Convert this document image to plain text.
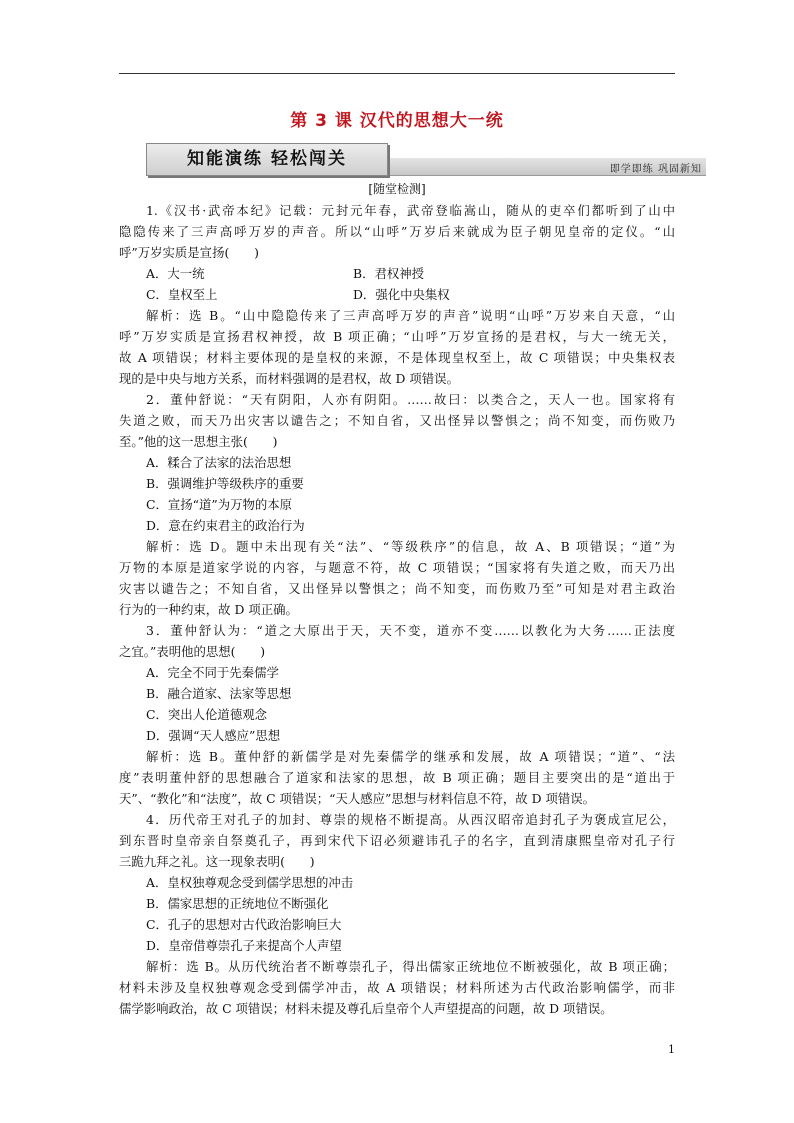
第 3 课 汉代的思想大一统
知能演练 轻松闯关
即学即练 巩固新知
[随堂检测]
1.《汉书·武帝本纪》记载：元封元年春，武帝登临嵩山，随从的吏卒们都听到了山中
隐隐传来了三声高呼万岁的声音。所以“山呼”万岁后来就成为臣子朝见皇帝的定仪。“山
呼”万岁实质是宣扬(　　)
A．大一统	B．君权神授
C．皇权至上	D．强化中央集权
解析：选 B。“山中隐隐传来了三声高呼万岁的声音”说明“山呼”万岁来自天意，“山
呼”万岁实质是宣扬君权神授，故 B 项正确；“山呼”万岁宣扬的是君权，与大一统无关，
故 A 项错误；材料主要体现的是皇权的来源，不是体现皇权至上，故 C 项错误；中央集权表
现的是中央与地方关系，而材料强调的是君权，故 D 项错误。
2．董仲舒说：“天有阴阳，人亦有阴阳。……故曰：以类合之，天人一也。国家将有
失道之败，而天乃出灾害以谴告之；不知自省，又出怪异以警惧之；尚不知变，而伤败乃
至。”他的这一思想主张(　　)
A．糅合了法家的法治思想
B．强调维护等级秩序的重要
C．宣扬“道”为万物的本原
D．意在约束君主的政治行为
解析：选 D。题中未出现有关“法”、“等级秩序”的信息，故 A、B 项错误；“道”为
万物的本原是道家学说的内容，与题意不符，故 C 项错误；“国家将有失道之败，而天乃出
灾害以谴告之；不知自省，又出怪异以警惧之；尚不知变，而伤败乃至”可知是对君主政治
行为的一种约束，故 D 项正确。
3．董仲舒认为：“道之大原出于天，天不变，道亦不变……以教化为大务……正法度
之宜。”表明他的思想(　　)
A．完全不同于先秦儒学
B．融合道家、法家等思想
C．突出人伦道德观念
D．强调“天人感应”思想
解析：选 B。董仲舒的新儒学是对先秦儒学的继承和发展，故 A 项错误；“道”、“法
度”表明董仲舒的思想融合了道家和法家的思想，故 B 项正确；题目主要突出的是“道出于
天”、“教化”和“法度”，故 C 项错误；“天人感应”思想与材料信息不符，故 D 项错误。
4．历代帝王对孔子的加封、尊崇的规格不断提高。从西汉昭帝追封孔子为褒成宣尼公，
到东晋时皇帝亲自祭奠孔子，再到宋代下诏必须避讳孔子的名字，直到清康熙皇帝对孔子行
三跪九拜之礼。这一现象表明(　　)
A．皇权独尊观念受到儒学思想的冲击
B．儒家思想的正统地位不断强化
C．孔子的思想对古代政治影响巨大
D．皇帝借尊崇孔子来提高个人声望
解析：选 B。从历代统治者不断尊崇孔子，得出儒家正统地位不断被强化，故 B 项正确；
材料未涉及皇权独尊观念受到儒学冲击，故 A 项错误；材料所述为古代政治影响儒学，而非
儒学影响政治，故 C 项错误；材料未提及尊孔后皇帝个人声望提高的问题，故 D 项错误。
1
